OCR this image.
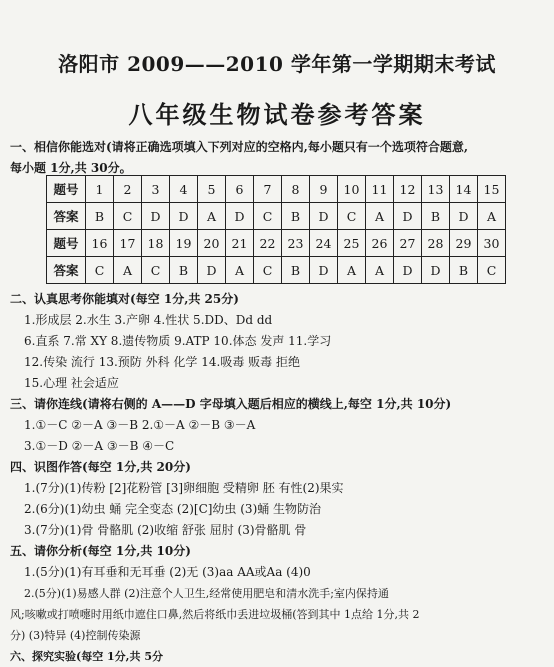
洛阳市 2009——2010 学年第一学期期末考试
八年级生物试卷参考答案
一、相信你能选对(请将正确选项填入下列对应的空格内,每小题只有一个选项符合题意,
每小题 1分,共 30分。
题号	1	2	3	4	5	6	7	8	9	10	11	12	13	14	15
答案	B	C	D	D	A	D	C	B	D	C	A	D	B	D	A
题号	16	17	18	19	20	21	22	23	24	25	26	27	28	29	30
答案	C	A	C	B	D	A	C	B	D	A	A	D	D	B	C
二、认真思考你能填对(每空 1分,共 25分)
1.形成层 2.水生 3.产卵 4.性状 5.DD、Dd dd
6.直系 7.常 XY 8.遗传物质 9.ATP 10.体态 发声 11.学习
12.传染 流行 13.预防 外科 化学 14.吸毒 贩毒 拒绝
15.心理 社会适应
三、请你连线(请将右侧的 A——D 字母填入题后相应的横线上,每空 1分,共 10分)
1.①－C ②－A ③－B 2.①－A ②－B ③－A
3.①－D ②－A ③－B ④－C
四、识图作答(每空 1分,共 20分)
1.(7分)(1)传粉 [2]花粉管 [3]卵细胞 受精卵 胚 有性(2)果实
2.(6分)(1)幼虫 蛹 完全变态 (2)[C]幼虫 (3)蛹 生物防治
3.(7分)(1)骨 骨骼肌 (2)收缩 舒张 屈肘 (3)骨骼肌 骨
五、请你分析(每空 1分,共 10分)
1.(5分)(1)有耳垂和无耳垂 (2)无 (3)aa AA或Aa (4)0
2.(5分)(1)易感人群 (2)注意个人卫生,经常使用肥皂和清水洗手;室内保持通
风;咳嗽或打喷嚏时用纸巾遮住口鼻,然后将纸巾丢进垃圾桶(答到其中 1点给 1分,共 2
分) (3)特异 (4)控制传染源
六、探究实验(每空 1分,共 5分
